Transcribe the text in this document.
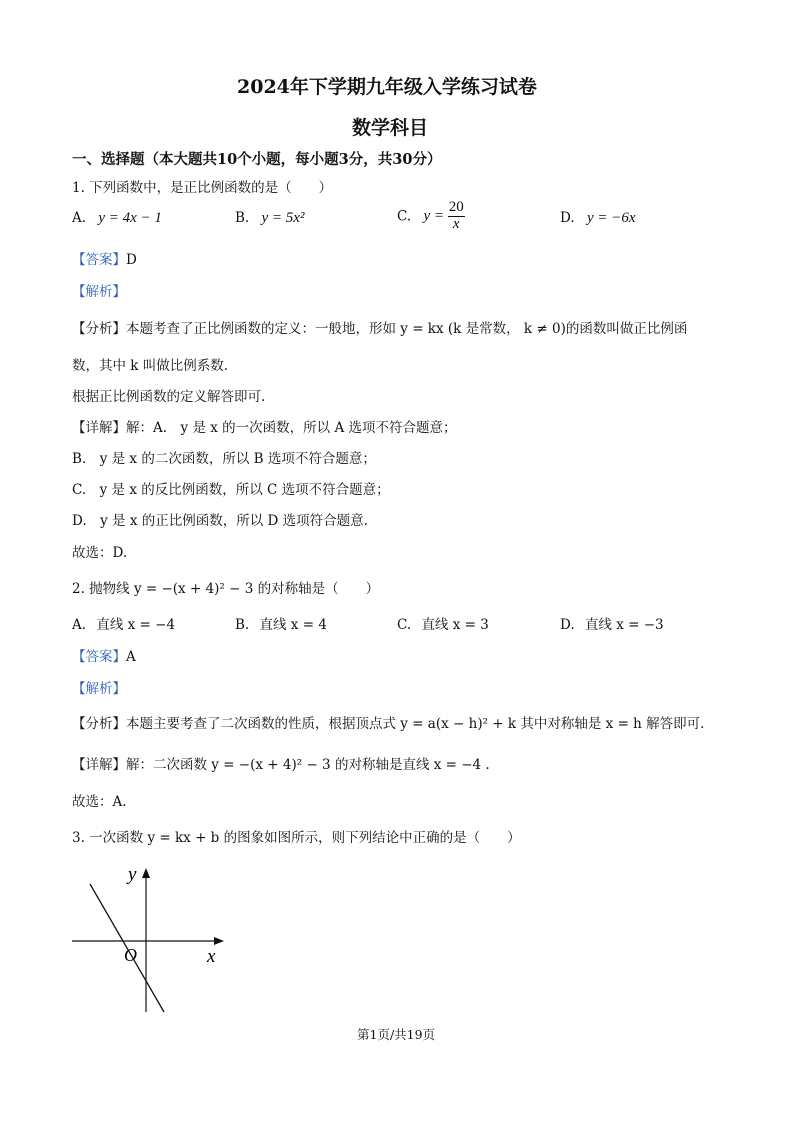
2024年下学期九年级入学练习试卷
数学科目
一、选择题（本大题共10个小题，每小题3分，共30分）
1. 下列函数中，是正比例函数的是（　　）
A. y = 4x − 1	B. y = 5x²	C. $y = \frac{20}{x}$	D. y = −6x
【答案】D
【解析】
【分析】本题考查了正比例函数的定义：一般地，形如 y = kx (k 是常数， k ≠ 0)的函数叫做正比例函
数，其中 k 叫做比例系数.
根据正比例函数的定义解答即可.
【详解】解：A.　y 是 x 的一次函数，所以 A 选项不符合题意；
B.　y 是 x 的二次函数，所以 B 选项不符合题意；
C.　y 是 x 的反比例函数，所以 C 选项不符合题意；
D.　y 是 x 的正比例函数，所以 D 选项符合题意.
故选：D.
2. 抛物线 y = −(x + 4)² − 3 的对称轴是（　　）
A. 直线 x = −4	B. 直线 x = 4	C. 直线 x = 3	D. 直线 x = −3
【答案】A
【解析】
【分析】本题主要考查了二次函数的性质，根据顶点式 y = a(x − h)² + k 其中对称轴是 x = h 解答即可.
【详解】解：二次函数 y = −(x + 4)² − 3 的对称轴是直线 x = −4 .
故选：A.
3. 一次函数 y = kx + b 的图象如图所示，则下列结论中正确的是（　　）
y
x
O
第1页/共19页
